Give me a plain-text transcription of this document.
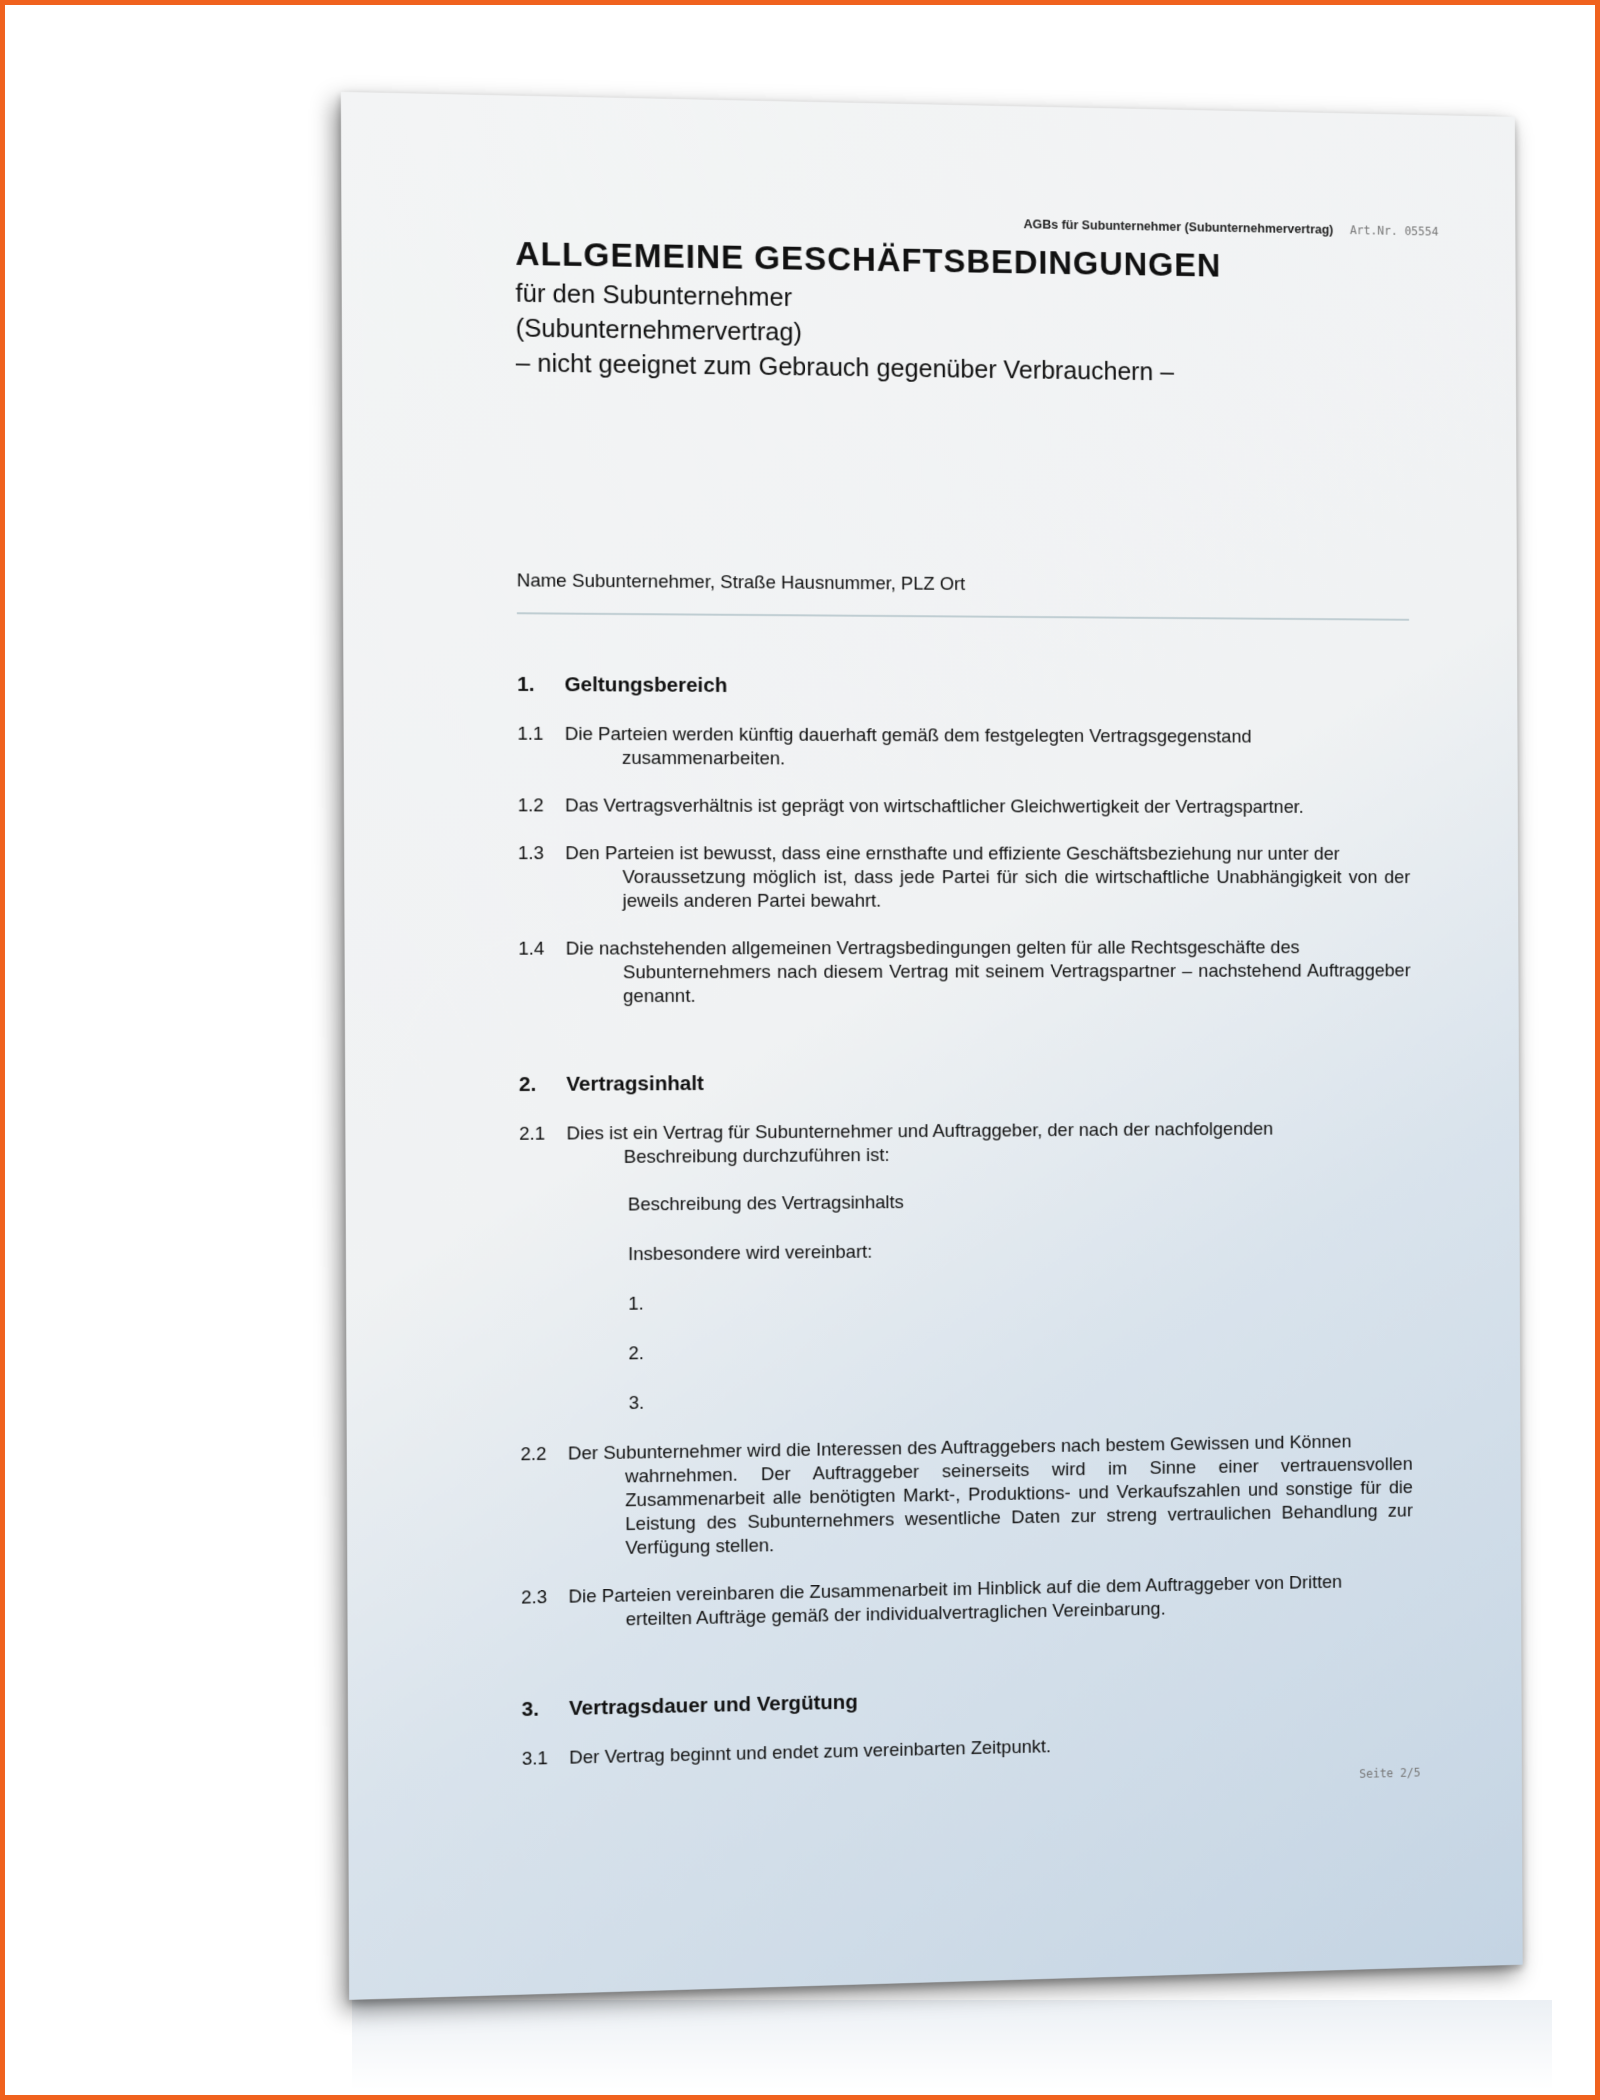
AGBs für Subunternehmer (Subunternehmervertrag) Art.Nr. 05554
ALLGEMEINE GESCHÄFTSBEDINGUNGEN

für den Subunternehmer

(Subunternehmervertrag)

– nicht geeignet zum Gebrauch gegenüber Verbrauchern –

Name Subunternehmer, Straße Hausnummer, PLZ Ort
1.	Geltungsbereich
1.1	Die Parteien werden künftig dauerhaft gemäß dem festgelegten Vertragsgegenstand
zusammenarbeiten.
1.2	Das Vertragsverhältnis ist geprägt von wirtschaftlicher Gleichwertigkeit der Vertragspartner.
1.3	Den Parteien ist bewusst, dass eine ernsthafte und effiziente Geschäftsbeziehung nur unter der
Voraussetzung möglich ist, dass jede Partei für sich die wirtschaftliche Unabhängigkeit von der jeweils anderen Partei bewahrt.
1.4	Die nachstehenden allgemeinen Vertragsbedingungen gelten für alle Rechtsgeschäfte des
Subunternehmers nach diesem Vertrag mit seinem Vertragspartner – nachstehend Auftraggeber genannt.
2.	Vertragsinhalt
2.1	Dies ist ein Vertrag für Subunternehmer und Auftraggeber, der nach der nachfolgenden
Beschreibung durchzuführen ist:
Beschreibung des Vertragsinhalts
Insbesondere wird vereinbart:
1.
2.
3.
2.2	Der Subunternehmer wird die Interessen des Auftraggebers nach bestem Gewissen und Können
wahrnehmen. Der Auftraggeber seinerseits wird im Sinne einer vertrauensvollen Zusammenarbeit alle benötigten Markt-, Produktions- und Verkaufszahlen und sonstige für die Leistung des Subunternehmers wesentliche Daten zur streng vertraulichen Behandlung zur Verfügung stellen.
2.3	Die Parteien vereinbaren die Zusammenarbeit im Hinblick auf die dem Auftraggeber von Dritten
erteilten Aufträge gemäß der individualvertraglichen Vereinbarung.
3.	Vertragsdauer und Vergütung
3.1	Der Vertrag beginnt und endet zum vereinbarten Zeitpunkt.
Seite 2/5
